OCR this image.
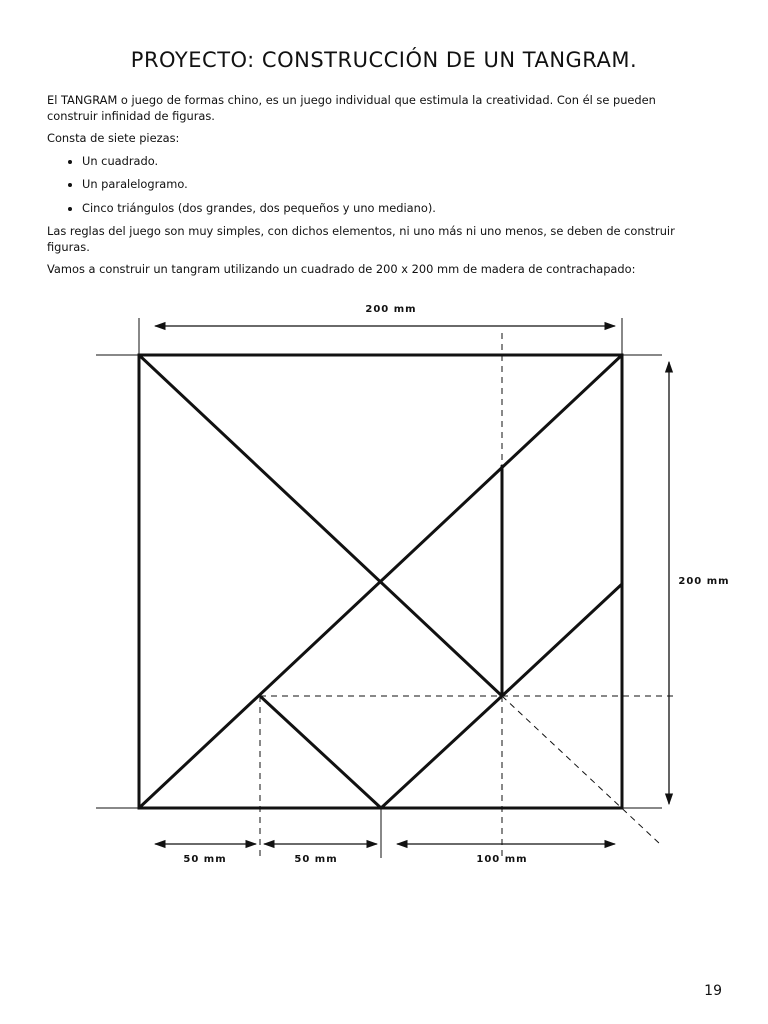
PROYECTO: CONSTRUCCIÓN DE UN TANGRAM.

El TANGRAM o juego de formas chino, es un juego individual que estimula la creatividad. Con él se pueden construir infinidad de figuras.

Consta de siete piezas:

• Un cuadrado.
• Un paralelogramo.
• Cinco triángulos (dos grandes, dos pequeños y uno mediano).

Las reglas del juego son muy simples, con dichos elementos, ni uno más ni uno menos, se deben de construir figuras.

Vamos a construir un tangram utilizando un cuadrado de 200 x 200 mm de madera de contrachapado:

200 mm
200 mm
50 mm	50 mm	100 mm
19
